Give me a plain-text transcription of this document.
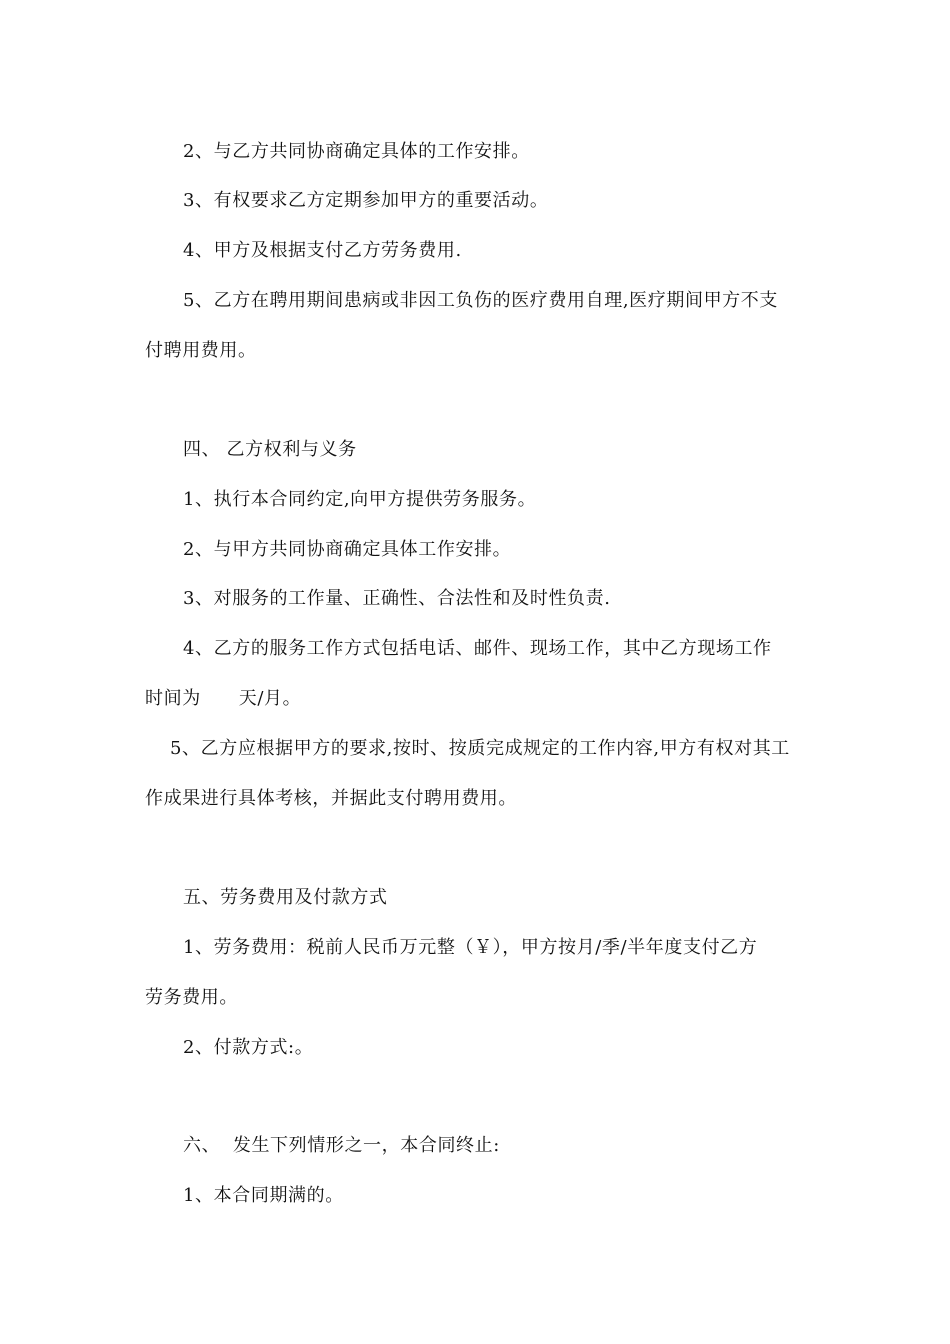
2、与乙方共同协商确定具体的工作安排。
3、有权要求乙方定期参加甲方的重要活动。
4、甲方及根据支付乙方劳务费用.
5、乙方在聘用期间患病或非因工负伤的医疗费用自理,医疗期间甲方不支
付聘用费用。
四、 乙方权利与义务
1、执行本合同约定,向甲方提供劳务服务。
2、与甲方共同协商确定具体工作安排。
3、对服务的工作量、正确性、合法性和及时性负责.
4、乙方的服务工作方式包括电话、邮件、现场工作，其中乙方现场工作
时间为      天/月。
5、乙方应根据甲方的要求,按时、按质完成规定的工作内容,甲方有权对其工
作成果进行具体考核，并据此支付聘用费用。
五、劳务费用及付款方式
1、劳务费用：税前人民币万元整（￥），甲方按月/季/半年度支付乙方
劳务费用。
2、付款方式:。
六、  发生下列情形之一，本合同终止:
1、本合同期满的。
